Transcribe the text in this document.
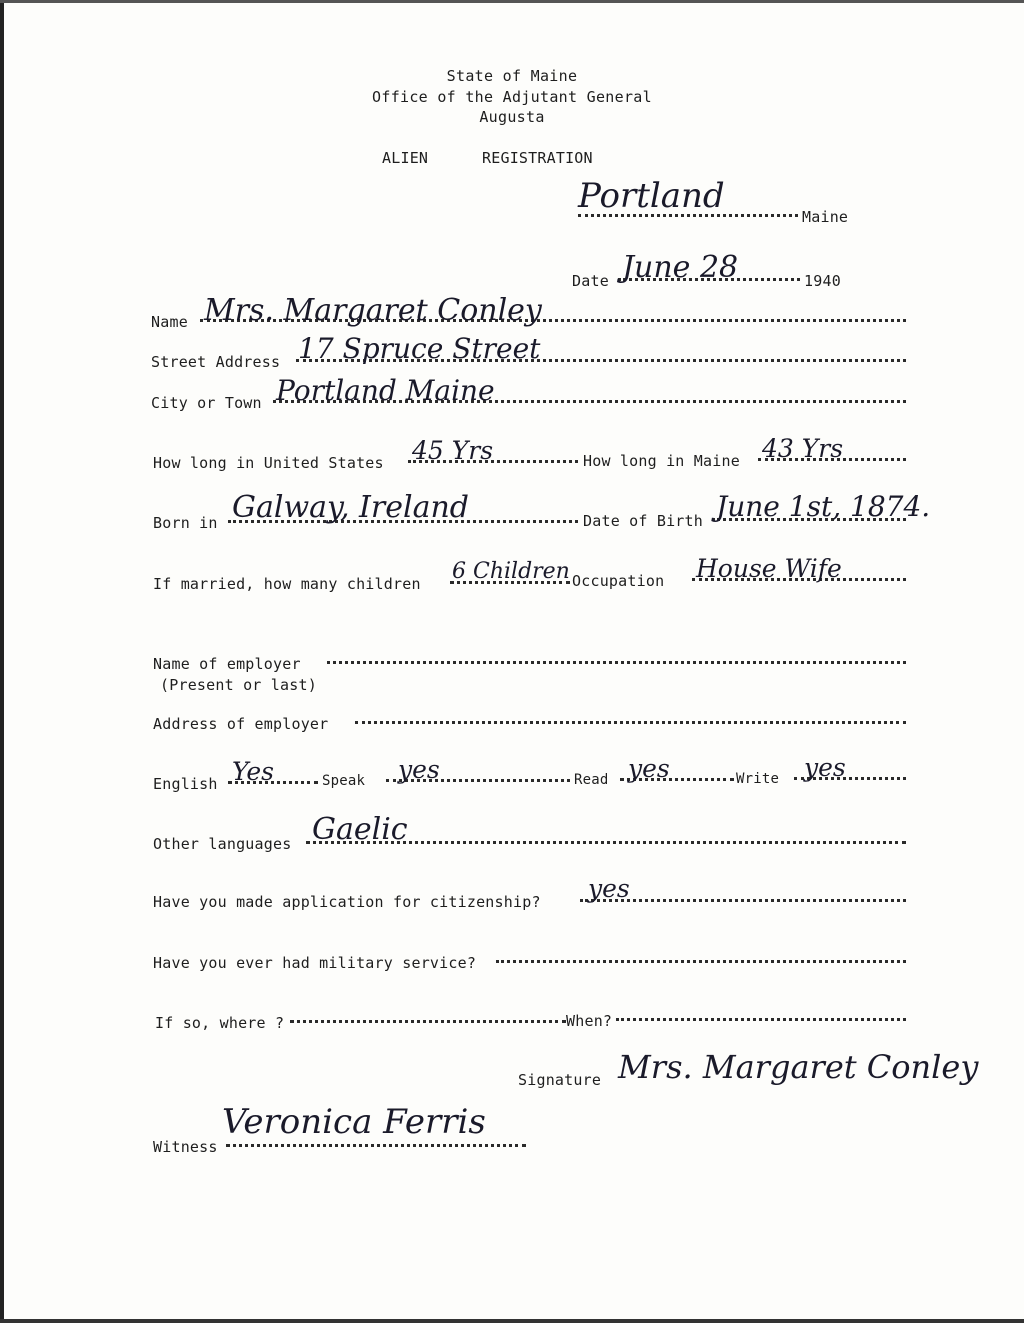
State of Maine
Office of the Adjutant General
Augusta
ALIEN	REGISTRATION
Portland
Maine
Date June 28	1940
Name Mrs. Margaret Conley
Street Address 17 Spruce Street
City or Town Portland Maine
How long in United States 45 Yrs	How long in Maine 43 Yrs
Born in Galway, Ireland	Date of Birth June 1st, 1874.
If married, how many children 6 Children Occupation House Wife
Name of employer
(Present or last)
Address of employer
English Yes	Speak yes	Read yes	Write yes
Other languages Gaelic
Have you made application for citizenship? yes
Have you ever had military service?
If so, where ?	When?
Signature Mrs. Margaret Conley
Witness
Veronica Ferris
